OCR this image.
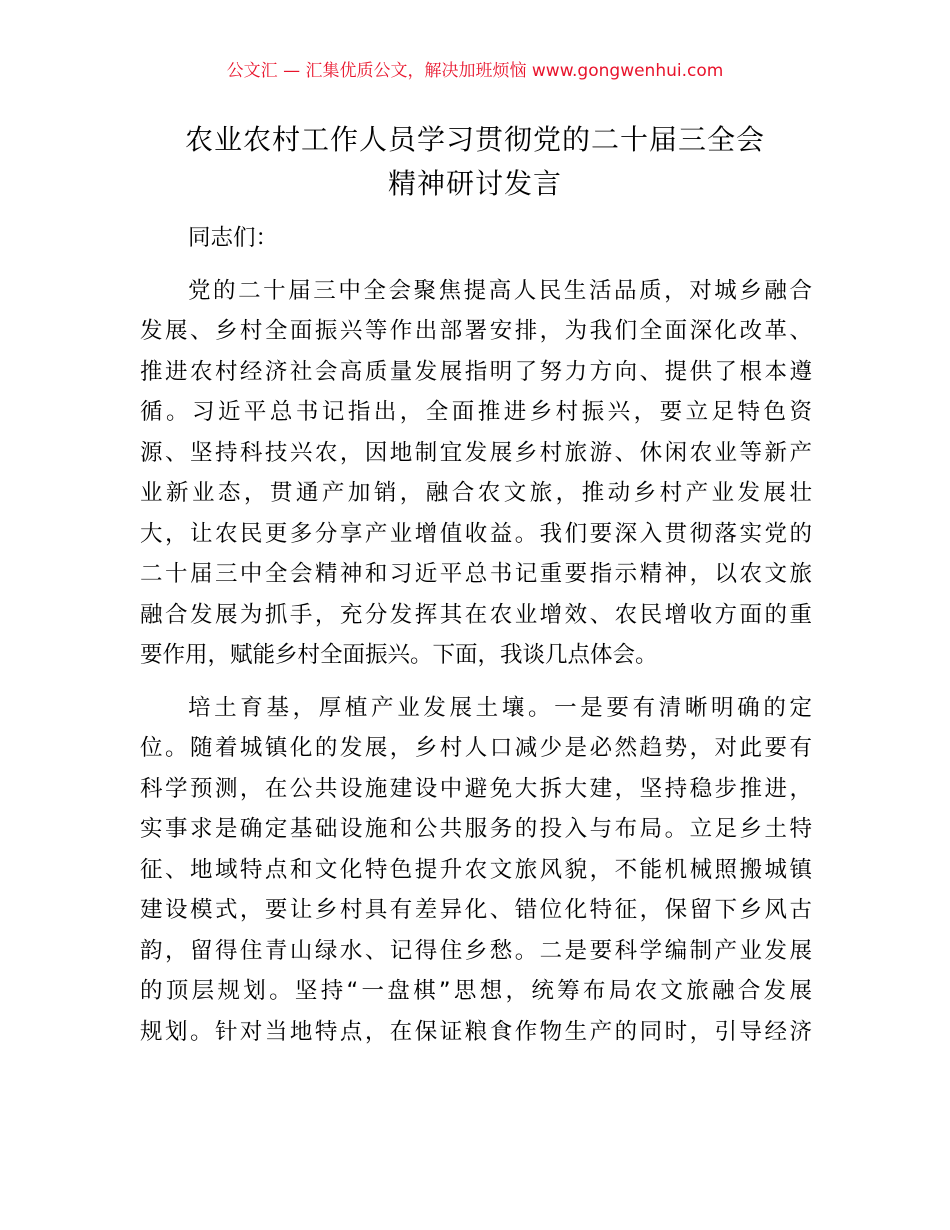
公文汇 — 汇集优质公文，解决加班烦恼 www.gongwenhui.com
农业农村工作人员学习贯彻党的二十届三全会
精神研讨发言
同志们：
党的二十届三中全会聚焦提高人民生活品质，对城乡融合
发展、乡村全面振兴等作出部署安排，为我们全面深化改革、
推进农村经济社会高质量发展指明了努力方向、提供了根本遵
循。习近平总书记指出，全面推进乡村振兴，要立足特色资
源、坚持科技兴农，因地制宜发展乡村旅游、休闲农业等新产
业新业态，贯通产加销，融合农文旅，推动乡村产业发展壮
大，让农民更多分享产业增值收益。我们要深入贯彻落实党的
二十届三中全会精神和习近平总书记重要指示精神，以农文旅
融合发展为抓手，充分发挥其在农业增效、农民增收方面的重
要作用，赋能乡村全面振兴。下面，我谈几点体会。
培土育基，厚植产业发展土壤。一是要有清晰明确的定
位。随着城镇化的发展，乡村人口减少是必然趋势，对此要有
科学预测，在公共设施建设中避免大拆大建，坚持稳步推进，
实事求是确定基础设施和公共服务的投入与布局。立足乡土特
征、地域特点和文化特色提升农文旅风貌，不能机械照搬城镇
建设模式，要让乡村具有差异化、错位化特征，保留下乡风古
韵，留得住青山绿水、记得住乡愁。二是要科学编制产业发展
的顶层规划。坚持“一盘棋”思想，统筹布局农文旅融合发展
规划。针对当地特点，在保证粮食作物生产的同时，引导经济
